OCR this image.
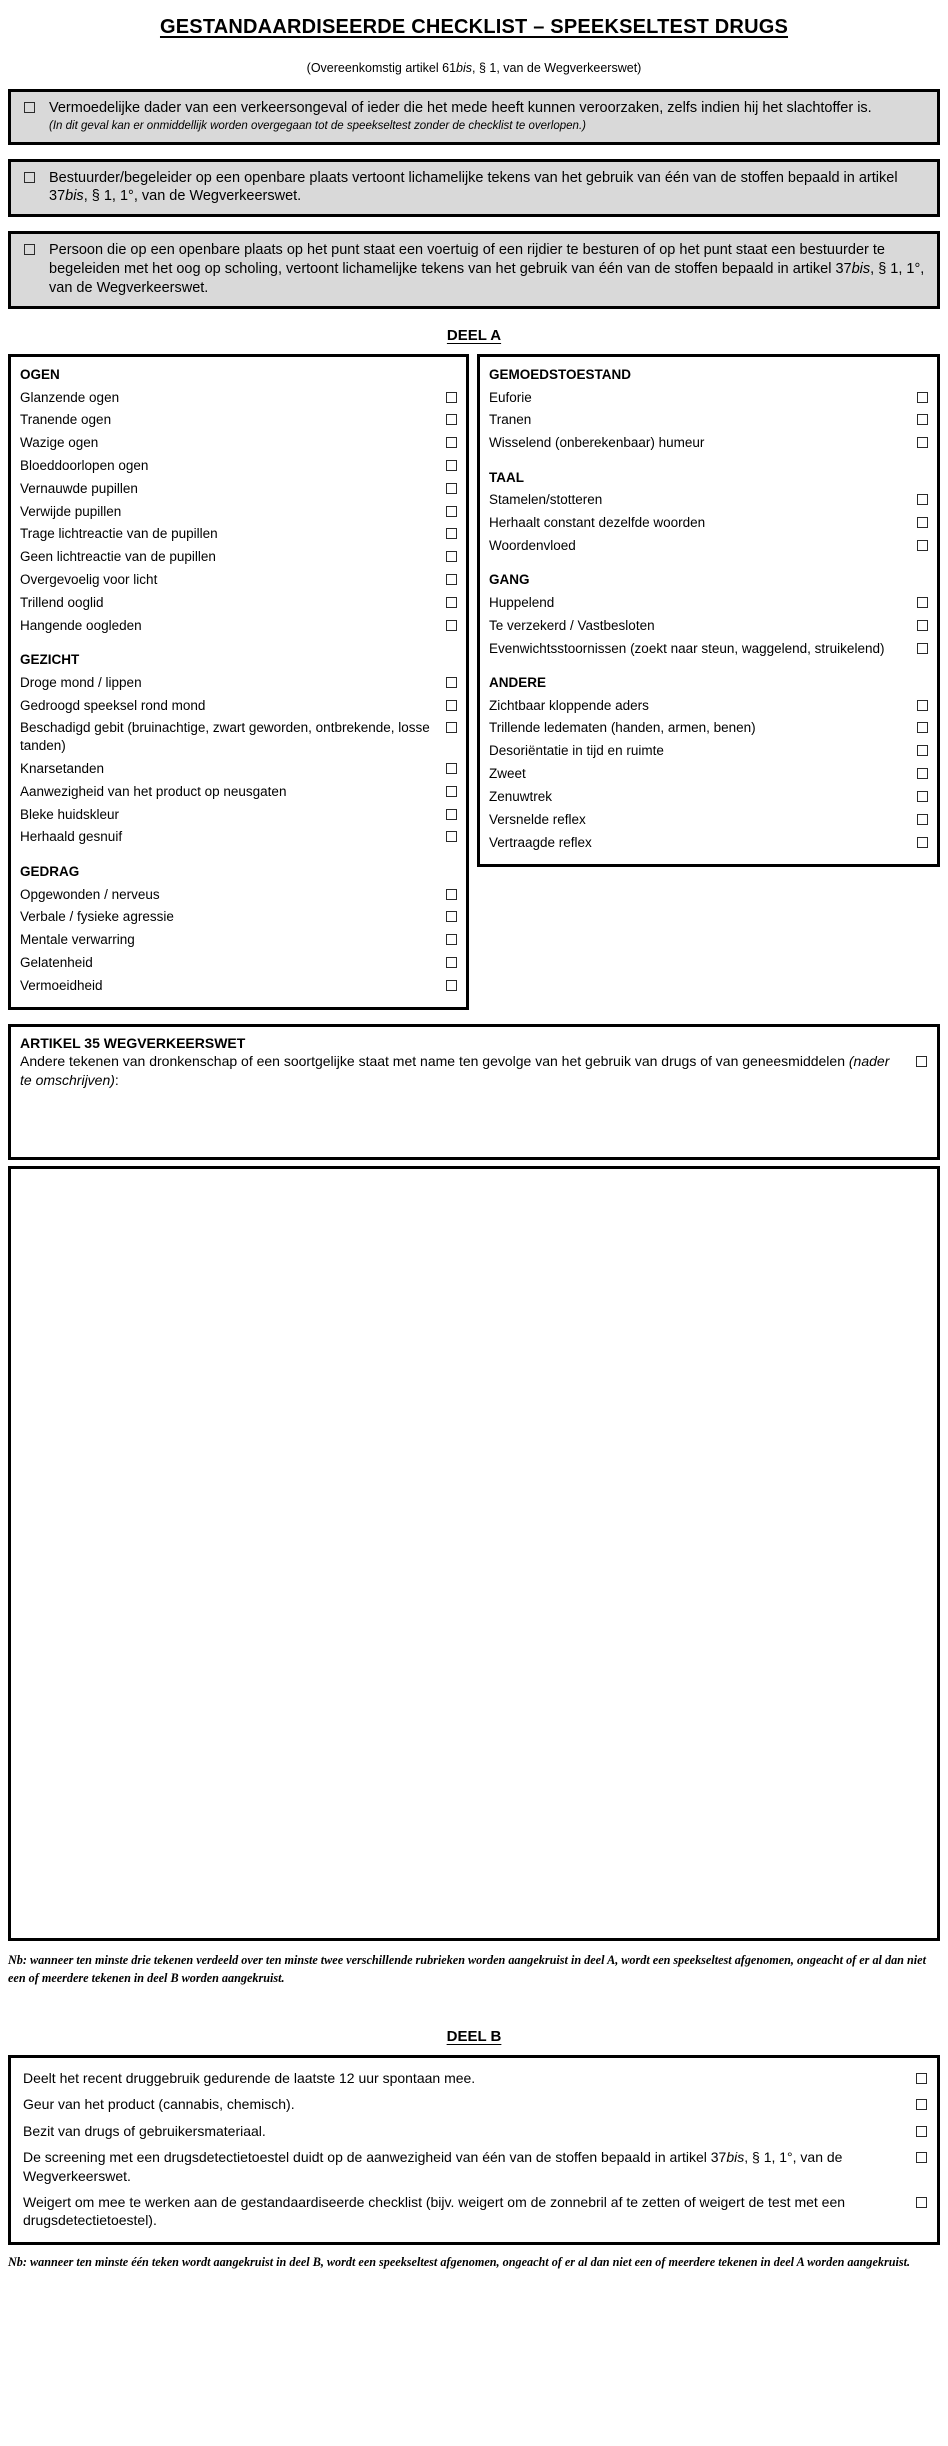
GESTANDAARDISEERDE CHECKLIST – SPEEKSELTEST DRUGS
(Overeenkomstig artikel 61bis, § 1, van de Wegverkeerswet)
Vermoedelijke dader van een verkeersongeval of ieder die het mede heeft kunnen veroorzaken, zelfs indien hij het slachtoffer is.
(In dit geval kan er onmiddellijk worden overgegaan tot de speekseltest zonder de checklist te overlopen.)
Bestuurder/begeleider op een openbare plaats vertoont lichamelijke tekens van het gebruik van één van de stoffen bepaald in artikel 37bis, § 1, 1°, van de Wegverkeerswet.
Persoon die op een openbare plaats op het punt staat een voertuig of een rijdier te besturen of op het punt staat een bestuurder te begeleiden met het oog op scholing, vertoont lichamelijke tekens van het gebruik van één van de stoffen bepaald in artikel 37bis, § 1, 1°, van de Wegverkeerswet.
DEEL A
OGEN
Glanzende ogen
Tranende ogen
Wazige ogen
Bloeddoorlopen ogen
Vernauwde pupillen
Verwijde pupillen
Trage lichtreactie van de pupillen
Geen lichtreactie van de pupillen
Overgevoelig voor licht
Trillend ooglid
Hangende oogleden
GEZICHT
Droge mond / lippen
Gedroogd speeksel rond mond
Beschadigd gebit (bruinachtige, zwart geworden, ontbrekende, losse tanden)
Knarsetanden
Aanwezigheid van het product op neusgaten
Bleke huidskleur
Herhaald gesnuif
GEDRAG
Opgewonden / nerveus
Verbale / fysieke agressie
Mentale verwarring
Gelatenheid
Vermoeidheid
GEMOEDSTOESTAND
Euforie
Tranen
Wisselend (onberekenbaar) humeur
TAAL
Stamelen/stotteren
Herhaalt constant dezelfde woorden
Woordenvloed
GANG
Huppelend
Te verzekerd / Vastbesloten
Evenwichtsstoornissen (zoekt naar steun, waggelend, struikelend)
ANDERE
Zichtbaar kloppende aders
Trillende ledematen (handen, armen, benen)
Desoriëntatie in tijd en ruimte
Zweet
Zenuwtrek
Versnelde reflex
Vertraagde reflex
ARTIKEL 35 WEGVERKEERSWET
Andere tekenen van dronkenschap of een soortgelijke staat met name ten gevolge van het gebruik van drugs of van geneesmiddelen (nader te omschrijven):
Nb: wanneer ten minste drie tekenen verdeeld over ten minste twee verschillende rubrieken worden aangekruist in deel A, wordt een speekseltest afgenomen, ongeacht of er al dan niet een of meerdere tekenen in deel B worden aangekruist.
DEEL B
Deelt het recent druggebruik gedurende de laatste 12 uur spontaan mee.
Geur van het product (cannabis, chemisch).
Bezit van drugs of gebruikersmateriaal.
De screening met een drugsdetectietoestel duidt op de aanwezigheid van één van de stoffen bepaald in artikel 37bis, § 1, 1°, van de Wegverkeerswet.
Weigert om mee te werken aan de gestandaardiseerde checklist (bijv. weigert om de zonnebril af te zetten of weigert de test met een drugsdetectietoestel).
Nb: wanneer ten minste één teken wordt aangekruist in deel B, wordt een speekseltest afgenomen, ongeacht of er al dan niet een of meerdere tekenen in deel A worden aangekruist.
